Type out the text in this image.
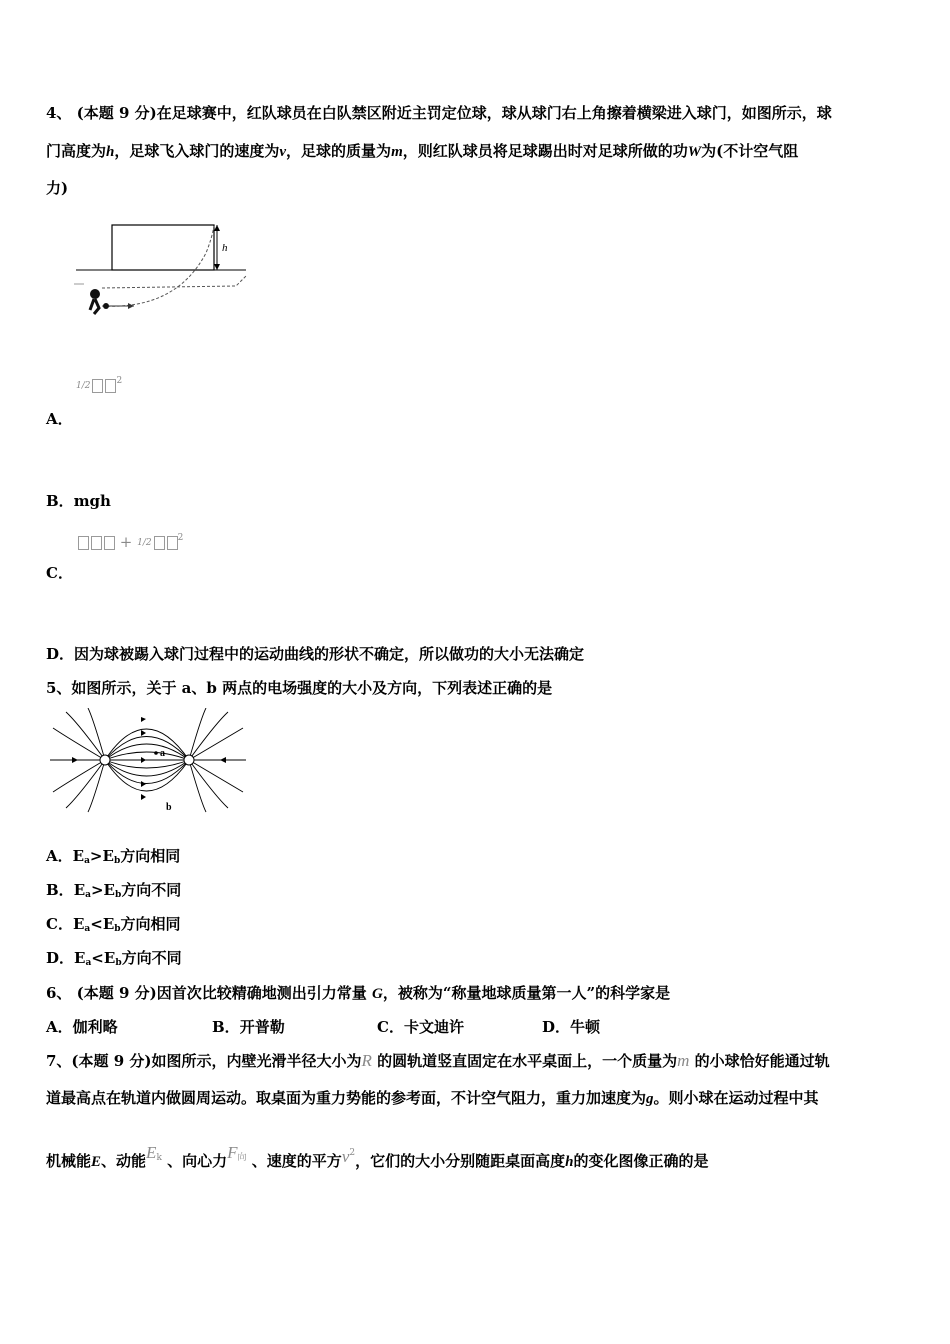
4、 (本题 9 分)在足球赛中，红队球员在白队禁区附近主罚定位球，球从球门右上角擦着横梁进入球门，如图所示，球
门高度为h，足球飞入球门的速度为v，足球的质量为m，则红队球员将足球踢出时对足球所做的功W为(不计空气阻
力)
h
1/2	$^2$
A．
B．mgh
+ 1/2	$^2$
C．
D．因为球被踢入球门过程中的运动曲线的形状不确定，所以做功的大小无法确定
5、如图所示，关于 a、b 两点的电场强度的大小及方向，下列表述正确的是
a
b
A．$E_a>E_b$方向相同
B．$E_a>E_b$方向不同
C．$E_a<E_b$方向相同
D．$E_a<E_b$方向不同
6、 (本题 9 分)因首次比较精确地测出引力常量 G，被称为“称量地球质量第一人”的科学家是
A．伽利略	B．开普勒	C．卡文迪许	D．牛顿
7、(本题 9 分)如图所示，内壁光滑半径大小为R 的圆轨道竖直固定在水平桌面上，一个质量为m 的小球恰好能通过轨
道最高点在轨道内做圆周运动。取桌面为重力势能的参考面，不计空气阻力，重力加速度为g。则小球在运动过程中其
机械能E、动能$E^k$ 、向心力$F^向$ 、速度的平方$v^2$，它们的大小分别随距桌面高度h的变化图像正确的是
